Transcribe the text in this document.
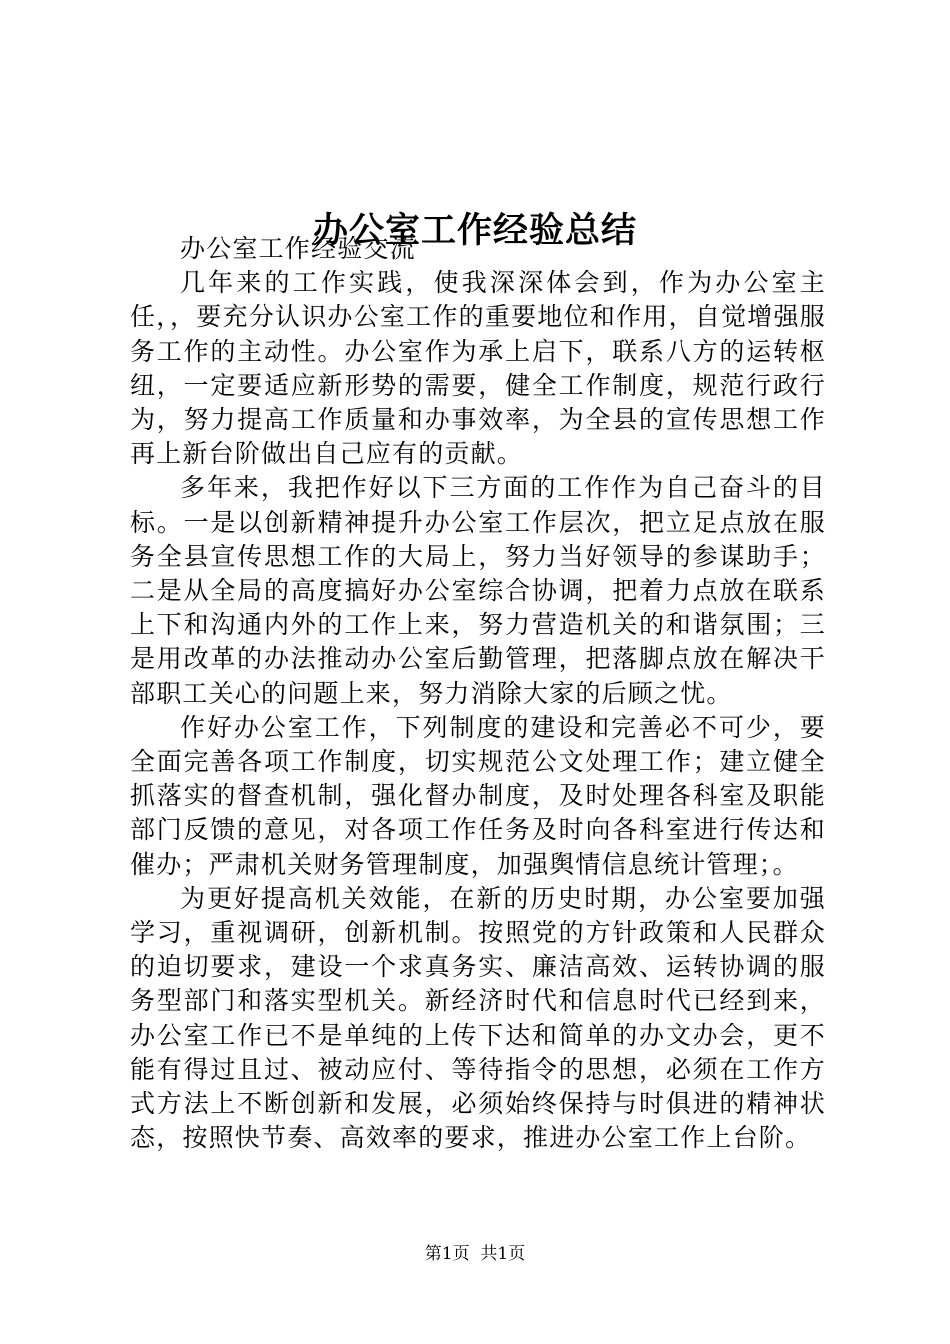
办公室工作经验总结

办公室工作经验交流

几年来的工作实践，使我深深体会到，作为办公室主任，，要充分认识办公室工作的重要地位和作用，自觉增强服务工作的主动性。办公室作为承上启下，联系八方的运转枢纽，一定要适应新形势的需要，健全工作制度，规范行政行为，努力提高工作质量和办事效率，为全县的宣传思想工作再上新台阶做出自己应有的贡献。

多年来，我把作好以下三方面的工作作为自己奋斗的目标。一是以创新精神提升办公室工作层次，把立足点放在服务全县宣传思想工作的大局上，努力当好领导的参谋助手；二是从全局的高度搞好办公室综合协调，把着力点放在联系上下和沟通内外的工作上来，努力营造机关的和谐氛围；三是用改革的办法推动办公室后勤管理，把落脚点放在解决干部职工关心的问题上来，努力消除大家的后顾之忧。

作好办公室工作，下列制度的建设和完善必不可少，要全面完善各项工作制度，切实规范公文处理工作；建立健全抓落实的督查机制，强化督办制度，及时处理各科室及职能部门反馈的意见，对各项工作任务及时向各科室进行传达和催办；严肃机关财务管理制度，加强舆情信息统计管理；。

为更好提高机关效能，在新的历史时期，办公室要加强学习，重视调研，创新机制。按照党的方针政策和人民群众的迫切要求，建设一个求真务实、廉洁高效、运转协调的服务型部门和落实型机关。新经济时代和信息时代已经到来，办公室工作已不是单纯的上传下达和简单的办文办会，更不能有得过且过、被动应付、等待指令的思想，必须在工作方式方法上不断创新和发展，必须始终保持与时俱进的精神状态，按照快节奏、高效率的要求，推进办公室工作上台阶。

第1页 共1页
